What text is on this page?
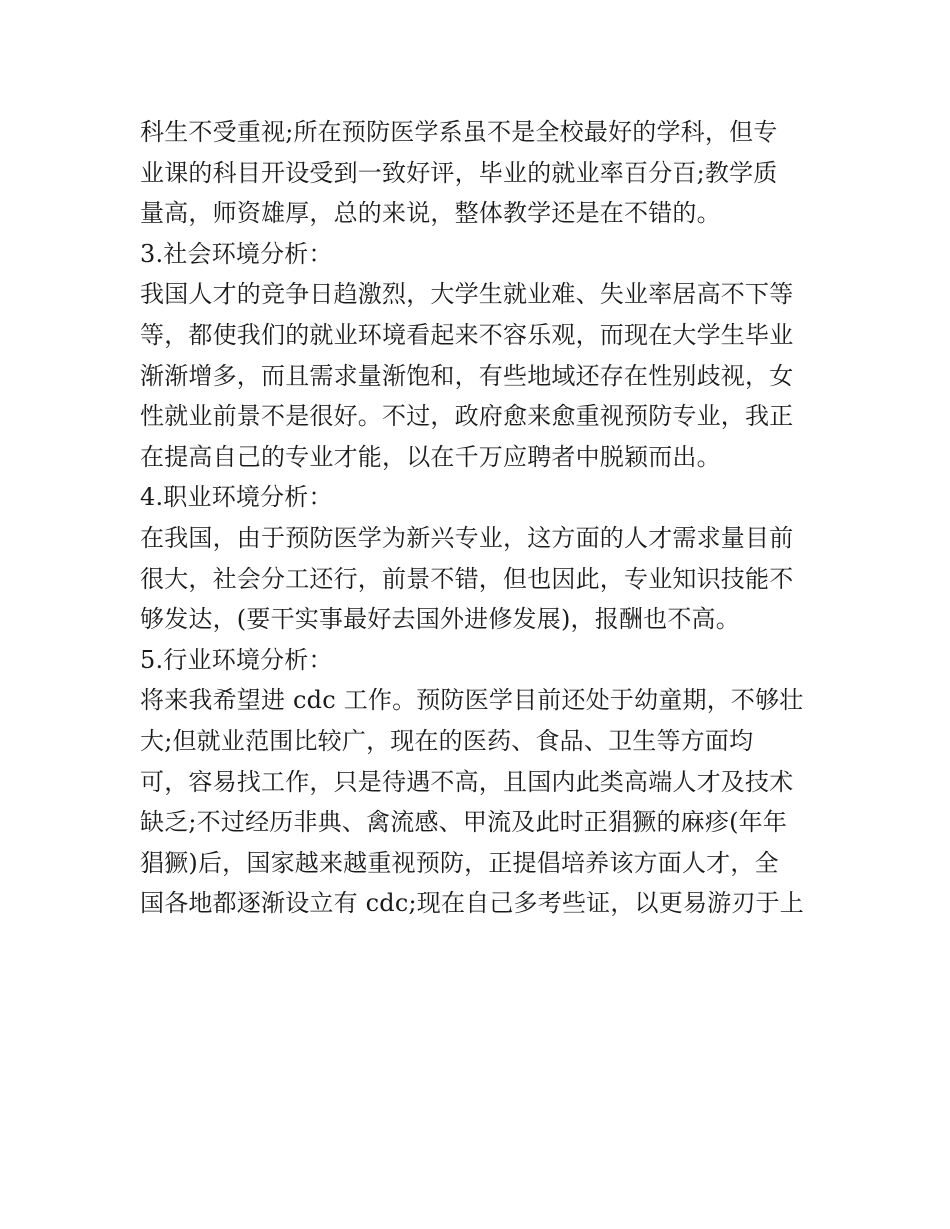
科生不受重视;所在预防医学系虽不是全校最好的学科，但专
业课的科目开设受到一致好评，毕业的就业率百分百;教学质
量高，师资雄厚，总的来说，整体教学还是在不错的。
3.社会环境分析：
我国人才的竞争日趋激烈，大学生就业难、失业率居高不下等
等，都使我们的就业环境看起来不容乐观，而现在大学生毕业
渐渐增多，而且需求量渐饱和，有些地域还存在性别歧视，女
性就业前景不是很好。不过，政府愈来愈重视预防专业，我正
在提高自己的专业才能，以在千万应聘者中脱颖而出。
4.职业环境分析：
在我国，由于预防医学为新兴专业，这方面的人才需求量目前
很大，社会分工还行，前景不错，但也因此，专业知识技能不
够发达，(要干实事最好去国外进修发展)，报酬也不高。
5.行业环境分析：
将来我希望进 cdc 工作。预防医学目前还处于幼童期，不够壮
大;但就业范围比较广，现在的医药、食品、卫生等方面均
可，容易找工作，只是待遇不高，且国内此类高端人才及技术
缺乏;不过经历非典、禽流感、甲流及此时正猖獗的麻疹(年年
猖獗)后，国家越来越重视预防，正提倡培养该方面人才，全
国各地都逐渐设立有 cdc;现在自己多考些证，以更易游刃于上
